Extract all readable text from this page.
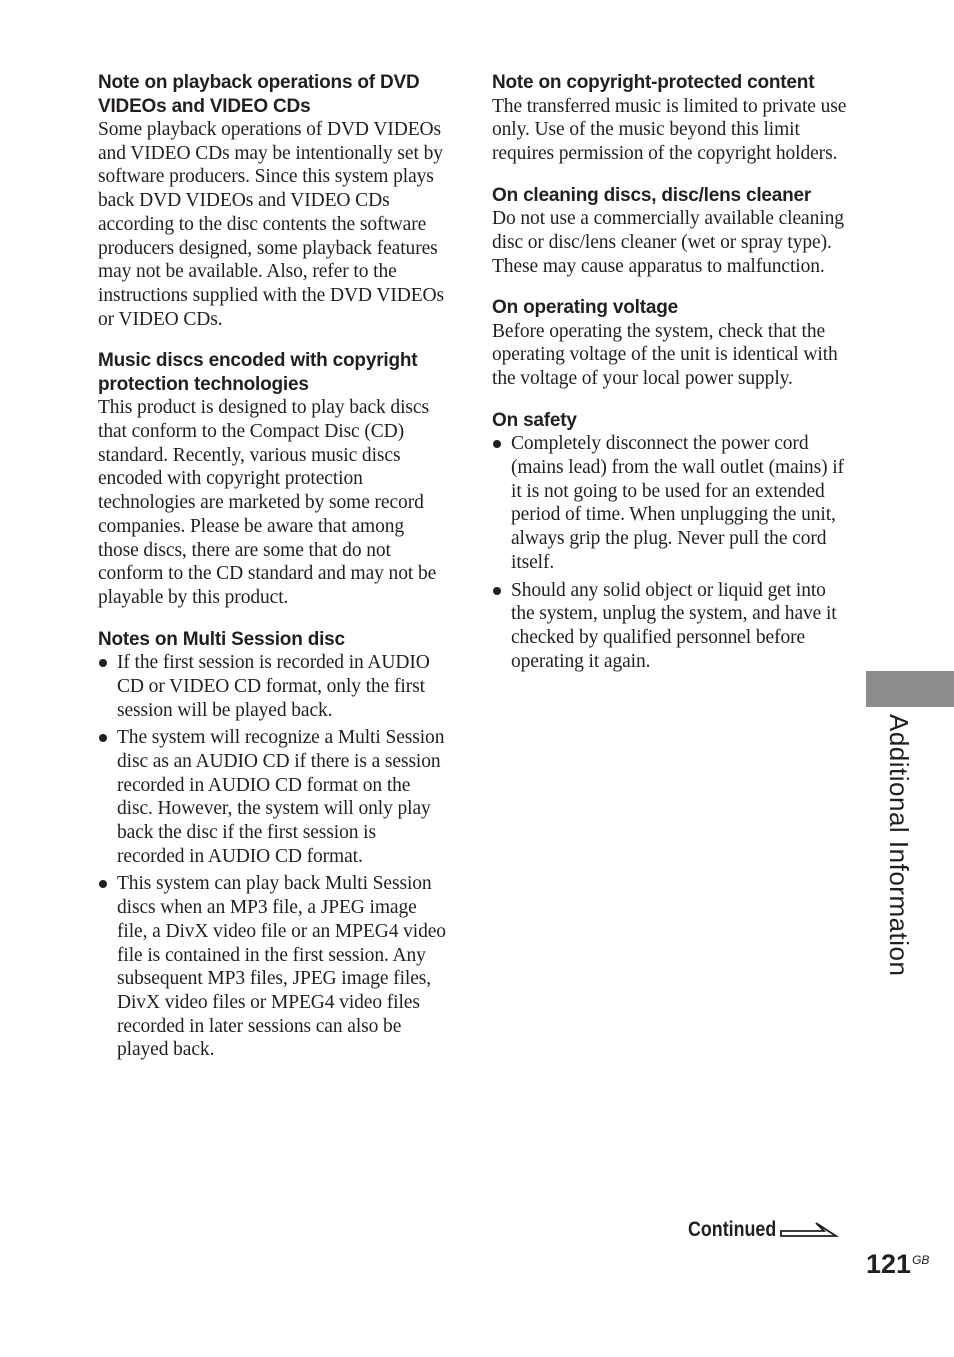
Note on playback operations of DVD VIDEOs and VIDEO CDs

Some playback operations of DVD VIDEOs and VIDEO CDs may be intentionally set by software producers. Since this system plays back DVD VIDEOs and VIDEO CDs according to the disc contents the software producers designed, some playback features may not be available. Also, refer to the instructions supplied with the DVD VIDEOs or VIDEO CDs.

Music discs encoded with copyright protection technologies

This product is designed to play back discs that conform to the Compact Disc (CD) standard. Recently, various music discs encoded with copyright protection technologies are marketed by some record companies. Please be aware that among those discs, there are some that do not conform to the CD standard and may not be playable by this product.

Notes on Multi Session disc

If the first session is recorded in AUDIO CD or VIDEO CD format, only the first session will be played back.
The system will recognize a Multi Session disc as an AUDIO CD if there is a session recorded in AUDIO CD format on the disc. However, the system will only play back the disc if the first session is recorded in AUDIO CD format.
This system can play back Multi Session discs when an MP3 file, a JPEG image file, a DivX video file or an MPEG4 video file is contained in the first session. Any subsequent MP3 files, JPEG image files, DivX video files or MPEG4 video files recorded in later sessions can also be played back.

Note on copyright-protected content

The transferred music is limited to private use only. Use of the music beyond this limit requires permission of the copyright holders.

On cleaning discs, disc/lens cleaner

Do not use a commercially available cleaning disc or disc/lens cleaner (wet or spray type). These may cause apparatus to malfunction.

On operating voltage

Before operating the system, check that the operating voltage of the unit is identical with the voltage of your local power supply.

On safety

Completely disconnect the power cord (mains lead) from the wall outlet (mains) if it is not going to be used for an extended period of time. When unplugging the unit, always grip the plug. Never pull the cord itself.
Should any solid object or liquid get into the system, unplug the system, and have it checked by qualified personnel before operating it again.
Additional Information
Continued
$121^{GB}$
